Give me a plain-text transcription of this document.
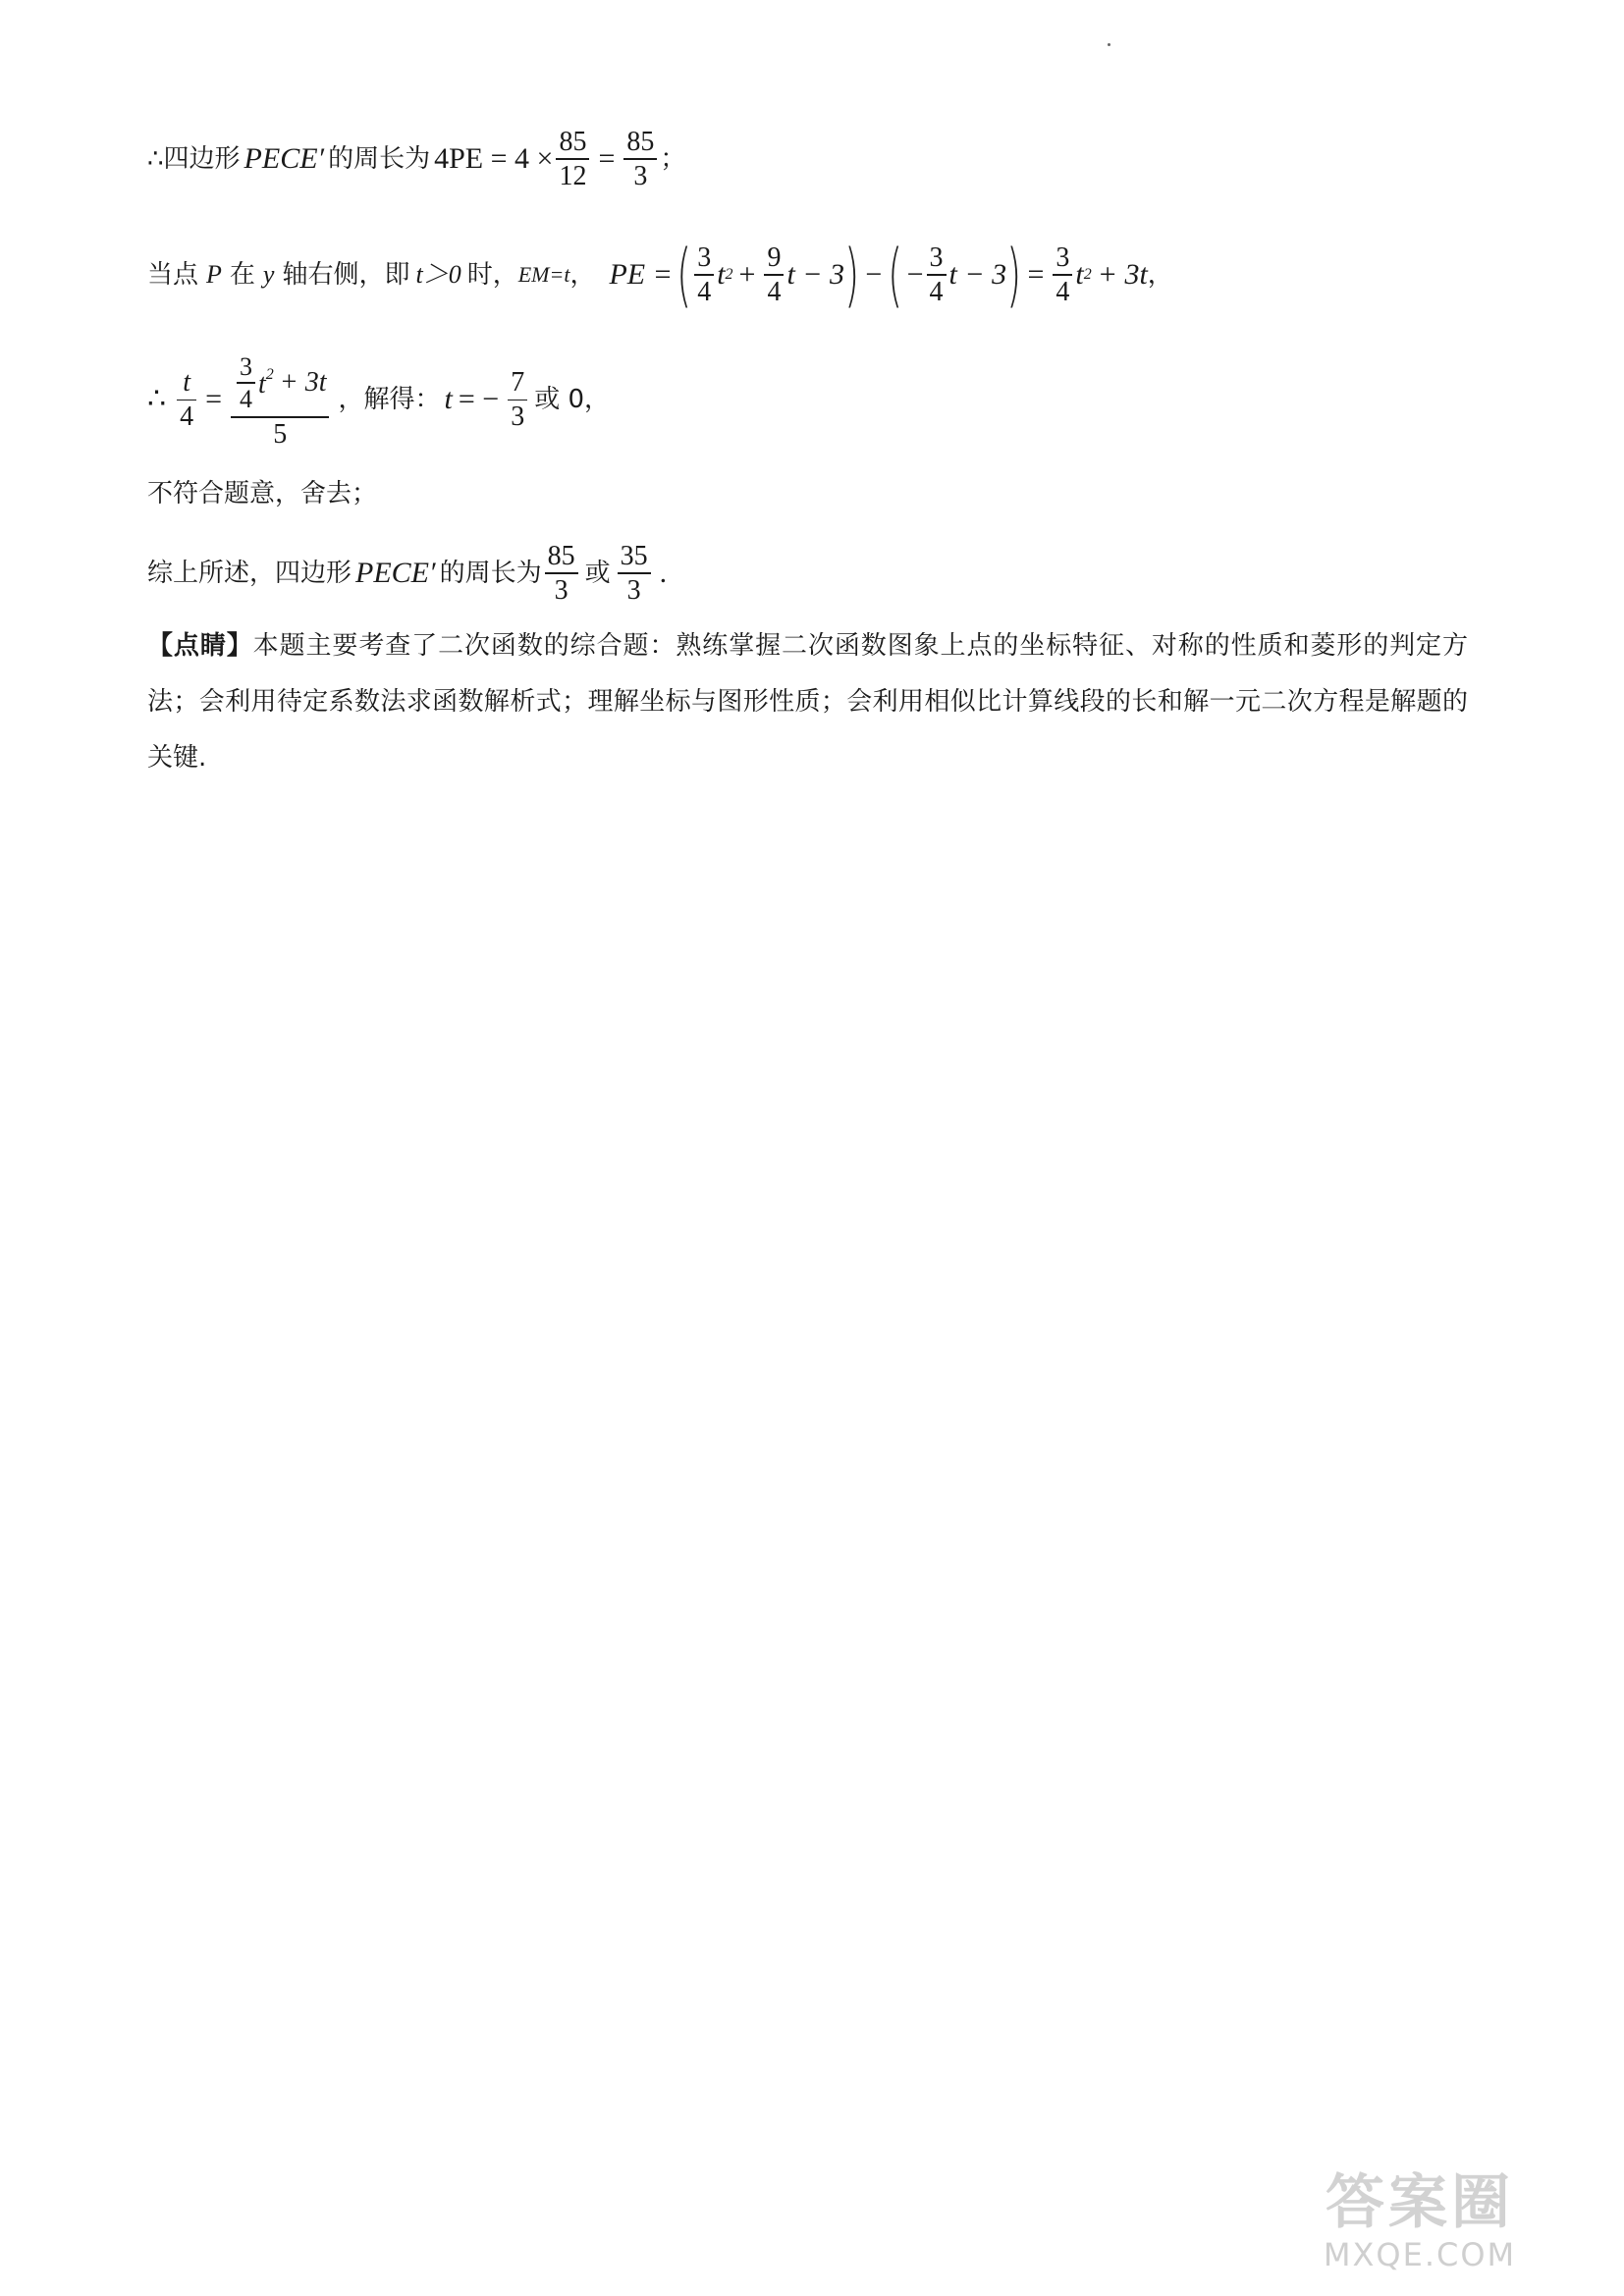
∴四边形 PECE′ 的周长为 $4PE = 4 \times \frac{85}{12} = \frac{85}{3}$ ；
当点 P 在 y 轴右侧，即 t＞0 时， EM=t ， PE = ( $\frac{3}{4}$ t $2 + \frac{9}{4}$ t − 3 ) − ( − $\frac{3}{4}$ t − 3 ) = $\frac{3}{4}$ t 2 + 3t ，
∴ $\frac{t}{4} = \frac{\frac{3}{4} t^2 + 3t}{5}$ ，解得： t = − $\frac{7}{3}$ 或 0，
不符合题意，舍去；
综上所述，四边形 PECE′ 的周长为 $\frac{85}{3}$ 或 $\frac{35}{3}$ .
【点睛】本题主要考查了二次函数的综合题：熟练掌握二次函数图象上点的坐标特征、对称的性质和菱形的判定方法；会利用待定系数法求函数解析式；理解坐标与图形性质；会利用相似比计算线段的长和解一元二次方程是解题的关键.
答案圈
MXQE.COM
